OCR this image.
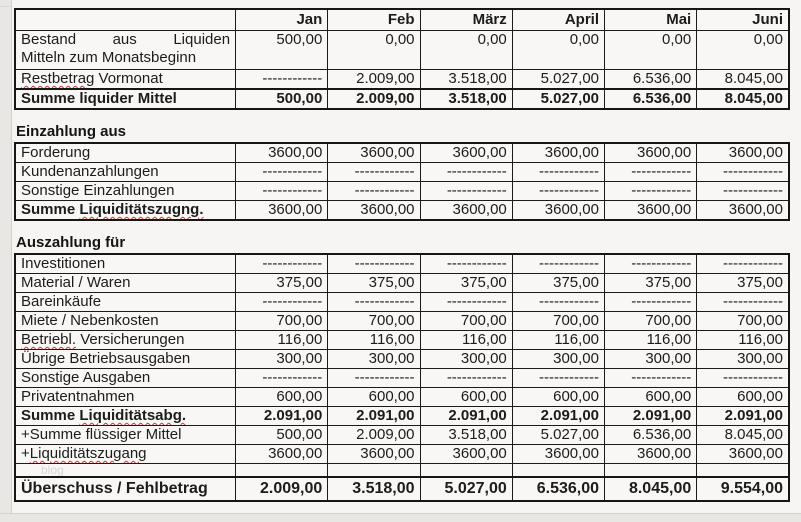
	Jan	Feb	März	April	Mai	Juni

Bestand aus Liquiden
Mitteln zum Monatsbeginn	500,00	0,00	0,00	0,00	0,00	0,00
Restbetrag Vormonat	------------	2.009,00	3.518,00	5.027,00	6.536,00	8.045,00
Summe liquider Mittel	500,00	2.009,00	3.518,00	5.027,00	6.536,00	8.045,00
Einzahlung aus
Forderung	3600,00	3600,00	3600,00	3600,00	3600,00	3600,00
Kundenanzahlungen	------------	------------	------------	------------	------------	------------
Sonstige Einzahlungen	------------	------------	------------	------------	------------	------------
Summe Liquiditätszugng.	3600,00	3600,00	3600,00	3600,00	3600,00	3600,00
Auszahlung für
Investitionen	------------	------------	------------	------------	------------	------------
Material / Waren	375,00	375,00	375,00	375,00	375,00	375,00
Bareinkäufe	------------	------------	------------	------------	------------	------------
Miete / Nebenkosten	700,00	700,00	700,00	700,00	700,00	700,00
Betriebl. Versicherungen	116,00	116,00	116,00	116,00	116,00	116,00
Übrige Betriebsausgaben	300,00	300,00	300,00	300,00	300,00	300,00
Sonstige Ausgaben	------------	------------	------------	------------	------------	------------
Privatentnahmen	600,00	600,00	600,00	600,00	600,00	600,00
Summe Liquiditätsabg.	2.091,00	2.091,00	2.091,00	2.091,00	2.091,00	2.091,00
+Summe flüssiger Mittel	500,00	2.009,00	3.518,00	5.027,00	6.536,00	8.045,00
+Liquiditätszugang	3600,00	3600,00	3600,00	3600,00	3600,00	3600,00
blog						
Überschuss / Fehlbetrag	2.009,00	3.518,00	5.027,00	6.536,00	8.045,00	9.554,00
